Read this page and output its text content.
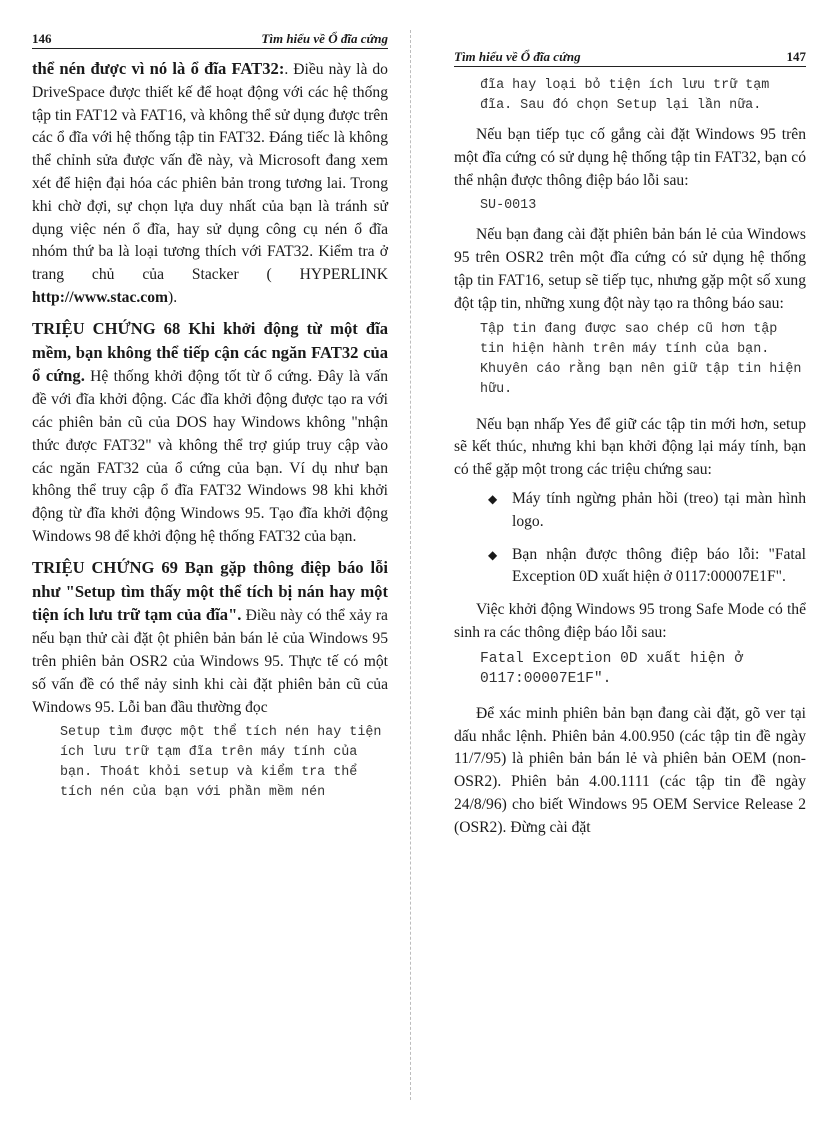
146	Tìm hiểu về Ổ đĩa cứng

thể nén được vì nó là ổ đĩa FAT32:. Điều này là do DriveSpace được thiết kế để hoạt động với các hệ thống tập tin FAT12 và FAT16, và không thể sử dụng được trên các ổ đĩa với hệ thống tập tin FAT32. Đáng tiếc là không thể chỉnh sửa được vấn đề này, và Microsoft đang xem xét để hiện đại hóa các phiên bản trong tương lai. Trong khi chờ đợi, sự chọn lựa duy nhất của bạn là tránh sử dụng việc nén ổ đĩa, hay sử dụng công cụ nén ổ đĩa nhóm thứ ba là loại tương thích với FAT32. Kiểm tra ở trang chủ của Stacker ( HYPERLINK http://www.stac.com).

TRIỆU CHỨNG 68 Khi khởi động từ một đĩa mềm, bạn không thể tiếp cận các ngăn FAT32 của ổ cứng. Hệ thống khởi động tốt từ ổ cứng. Đây là vấn đề với đĩa khởi động. Các đĩa khởi động được tạo ra với các phiên bản cũ của DOS hay Windows không "nhận thức được FAT32" và không thể trợ giúp truy cập vào các ngăn FAT32 của ổ cứng của bạn. Ví dụ như bạn không thể truy cập ổ đĩa FAT32 Windows 98 khi khởi động từ đĩa khởi động Windows 95. Tạo đĩa khởi động Windows 98 để khởi động hệ thống FAT32 của bạn.

TRIỆU CHỨNG 69 Bạn gặp thông điệp báo lỗi như "Setup tìm thấy một thể tích bị nán hay một tiện ích lưu trữ tạm của đĩa". Điều này có thể xảy ra nếu bạn thử cài đặt ột phiên bản bán lẻ của Windows 95 trên phiên bản OSR2 của Windows 95. Thực tế có một số vấn đề có thể nảy sinh khi cài đặt phiên bản cũ của Windows 95. Lỗi ban đầu thường đọc

Setup tìm được một thể tích nén hay tiện ích lưu trữ tạm đĩa trên máy tính của bạn. Thoát khỏi setup và kiểm tra thể tích nén của bạn với phần mềm nén

Tìm hiểu về Ổ đĩa cứng	147

đĩa hay loại bỏ tiện ích lưu trữ tạm đĩa. Sau đó chọn Setup lại lần nữa.

Nếu bạn tiếp tục cố gắng cài đặt Windows 95 trên một đĩa cứng có sử dụng hệ thống tập tin FAT32, bạn có thể nhận được thông điệp báo lỗi sau:

SU-0013

Nếu bạn đang cài đặt phiên bản bán lẻ của Windows 95 trên OSR2 trên một đĩa cứng có sử dụng hệ thống tập tin FAT16, setup sẽ tiếp tục, nhưng gặp một số xung đột tập tin, những xung đột này tạo ra thông báo sau:

Tập tin đang được sao chép cũ hơn tập tin hiện hành trên máy tính của bạn. Khuyên cáo rằng bạn nên giữ tập tin hiện hữu.

Nếu bạn nhấp Yes để giữ các tập tin mới hơn, setup sẽ kết thúc, nhưng khi bạn khởi động lại máy tính, bạn có thể gặp một trong các triệu chứng sau:

◆ Máy tính ngừng phản hồi (treo) tại màn hình logo.
◆ Bạn nhận được thông điệp báo lỗi: "Fatal Exception 0D xuất hiện ở 0117:00007E1F".

Việc khởi động Windows 95 trong Safe Mode có thể sinh ra các thông điệp báo lỗi sau:

Fatal Exception 0D xuất hiện ở 0117:00007E1F".

Để xác minh phiên bản bạn đang cài đặt, gõ ver tại dấu nhắc lệnh. Phiên bản 4.00.950 (các tập tin đề ngày 11/7/95) là phiên bản bán lẻ và phiên bản OEM (non-OSR2). Phiên bản 4.00.1111 (các tập tin đề ngày 24/8/96) cho biết Windows 95 OEM Service Release 2 (OSR2). Đừng cài đặt
